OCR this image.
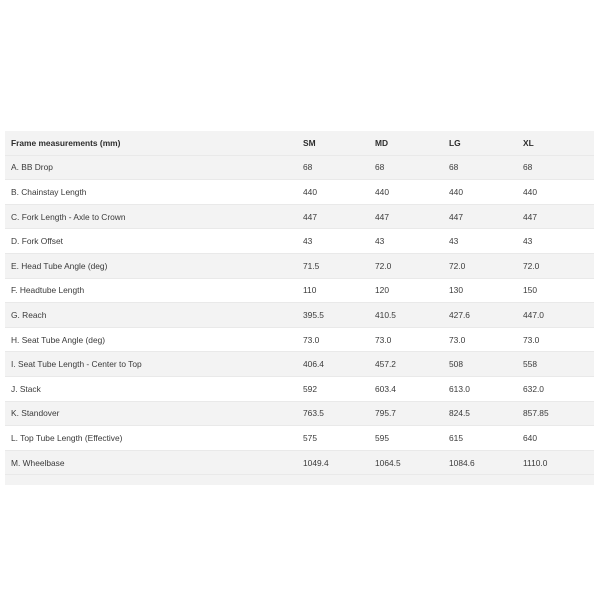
Frame measurements (mm)	SM	MD	LG	XL
A. BB Drop	68	68	68	68
B. Chainstay Length	440	440	440	440
C. Fork Length - Axle to Crown	447	447	447	447
D. Fork Offset	43	43	43	43
E. Head Tube Angle (deg)	71.5	72.0	72.0	72.0
F. Headtube Length	110	120	130	150
G. Reach	395.5	410.5	427.6	447.0
H. Seat Tube Angle (deg)	73.0	73.0	73.0	73.0
I. Seat Tube Length - Center to Top	406.4	457.2	508	558
J. Stack	592	603.4	613.0	632.0
K. Standover	763.5	795.7	824.5	857.85
L. Top Tube Length (Effective)	575	595	615	640
M. Wheelbase	1049.4	1064.5	1084.6	1110.0
